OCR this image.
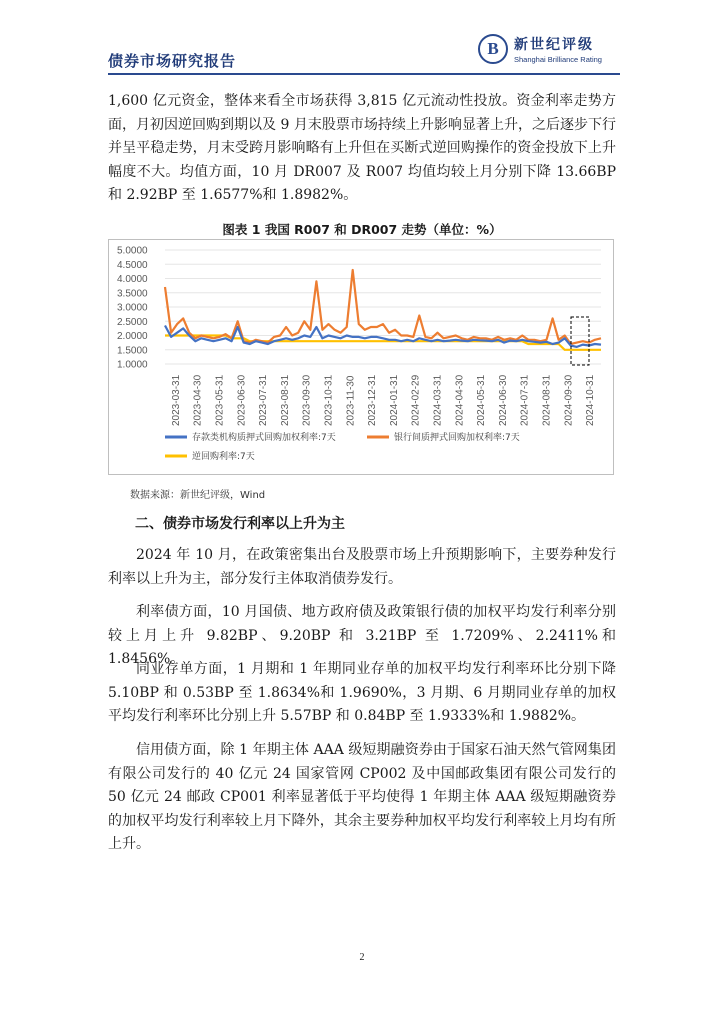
债券市场研究报告
B
新世纪评级
Shanghai Brilliance Rating
1,600 亿元资金，整体来看全市场获得 3,815 亿元流动性投放。资金利率走势方面，月初因逆回购到期以及 9 月末股票市场持续上升影响显著上升，之后逐步下行并呈平稳走势，月末受跨月影响略有上升但在买断式逆回购操作的资金投放下上升幅度不大。均值方面，10 月 DR007 及 R007 均值均较上月分别下降 13.66BP 和 2.92BP 至 1.6577%和 1.8982%。
图表 1 我国 R007 和 DR007 走势（单位：%）
5.0000
4.5000
4.0000
3.5000
3.0000
2.5000
2.0000
1.5000
1.0000
2023-03-31 2023-04-30 2023-05-31 2023-06-30 2023-07-31 2023-08-31 2023-09-30 2023-10-31 2023-11-30 2023-12-31 2024-01-31 2024-02-29 2024-03-31 2024-04-30 2024-05-31 2024-06-30 2024-07-31 2024-08-31 2024-09-30 2024-10-31
存款类机构质押式回购加权利率:7天	银行间质押式回购加权利率:7天
逆回购利率:7天
数据来源：新世纪评级，Wind
二、债券市场发行利率以上升为主
2024 年 10 月，在政策密集出台及股票市场上升预期影响下，主要券种发行利率以上升为主，部分发行主体取消债券发行。
利率债方面，10 月国债、地方政府债及政策银行债的加权平均发行利率分别较上月上升 9.82BP、9.20BP 和 3.21BP 至 1.7209%、2.2411%和 1.8456%。
同业存单方面，1 月期和 1 年期同业存单的加权平均发行利率环比分别下降 5.10BP 和 0.53BP 至 1.8634%和 1.9690%，3 月期、6 月期同业存单的加权平均发行利率环比分别上升 5.57BP 和 0.84BP 至 1.9333%和 1.9882%。
信用债方面，除 1 年期主体 AAA 级短期融资券由于国家石油天然气管网集团有限公司发行的 40 亿元 24 国家管网 CP002 及中国邮政集团有限公司发行的 50 亿元 24 邮政 CP001 利率显著低于平均使得 1 年期主体 AAA 级短期融资券的加权平均发行利率较上月下降外，其余主要券种加权平均发行利率较上月均有所上升。
2
